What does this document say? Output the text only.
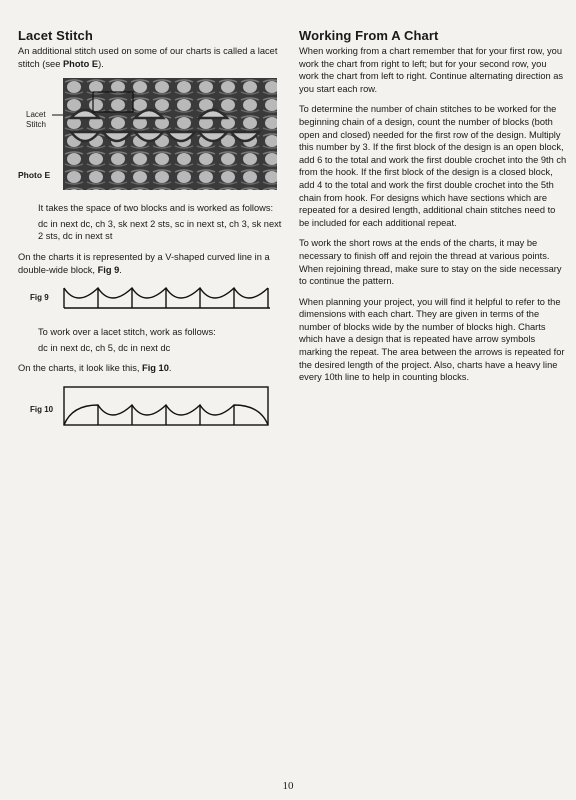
Lacet Stitch

An additional stitch used on some of our charts is called a lacet stitch (see Photo E).

Lacet Stitch
Photo E

It takes the space of two blocks and is worked as follows:

dc in next dc, ch 3, sk next 2 sts, sc in next st, ch 3, sk next 2 sts, dc in next st

On the charts it is represented by a V-shaped curved line in a double-wide block, Fig 9.

Fig 9

To work over a lacet stitch, work as follows:

dc in next dc, ch 5, dc in next dc

On the charts, it look like this, Fig 10.

Fig 10
Working From A Chart

When working from a chart remember that for your first row, you work the chart from right to left; but for your second row, you work the chart from left to right. Continue alternating direction as you start each row.

To determine the number of chain stitches to be worked for the beginning chain of a design, count the number of blocks (both open and closed) needed for the first row of the design. Multiply this number by 3. If the first block of the design is an open block, add 6 to the total and work the first double crochet into the 9th ch from the hook. If the first block of the design is a closed block, add 4 to the total and work the first double crochet into the 5th chain from hook. For designs which have sections which are repeated for a desired length, additional chain stitches need to be included for each additional repeat.

To work the short rows at the ends of the charts, it may be necessary to finish off and rejoin the thread at various points. When rejoining thread, make sure to stay on the side necessary to continue the pattern.

When planning your project, you will find it helpful to refer to the dimensions with each chart. They are given in terms of the number of blocks wide by the number of blocks high. Charts which have a design that is repeated have arrow symbols marking the repeat. The area between the arrows is repeated for the desired length of the project. Also, charts have a heavy line every 10th line to help in counting blocks.

10
